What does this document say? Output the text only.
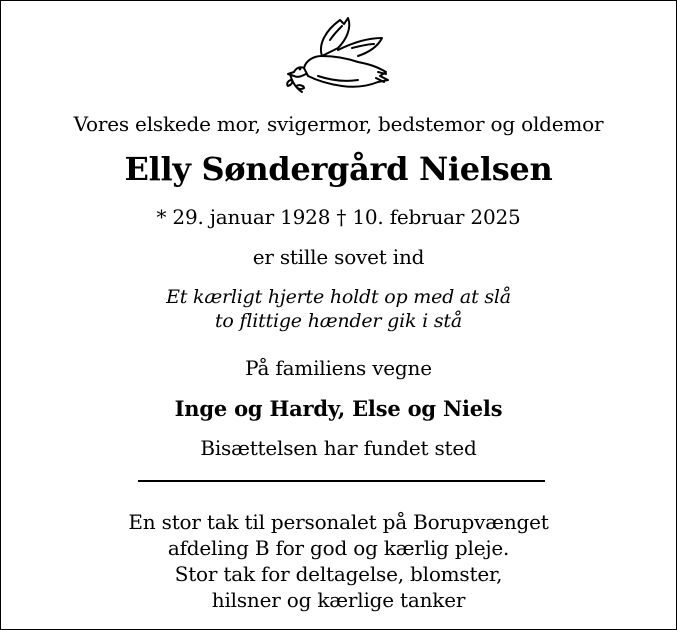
Vores elskede mor, svigermor, bedstemor og oldemor
Elly Søndergård Nielsen
* 29. januar 1928 † 10. februar 2025
er stille sovet ind
Et kærligt hjerte holdt op med at slå
to flittige hænder gik i stå
På familiens vegne
Inge og Hardy, Else og Niels
Bisættelsen har fundet sted
En stor tak til personalet på Borupvænget
afdeling B for god og kærlig pleje.
Stor tak for deltagelse, blomster,
hilsner og kærlige tanker
